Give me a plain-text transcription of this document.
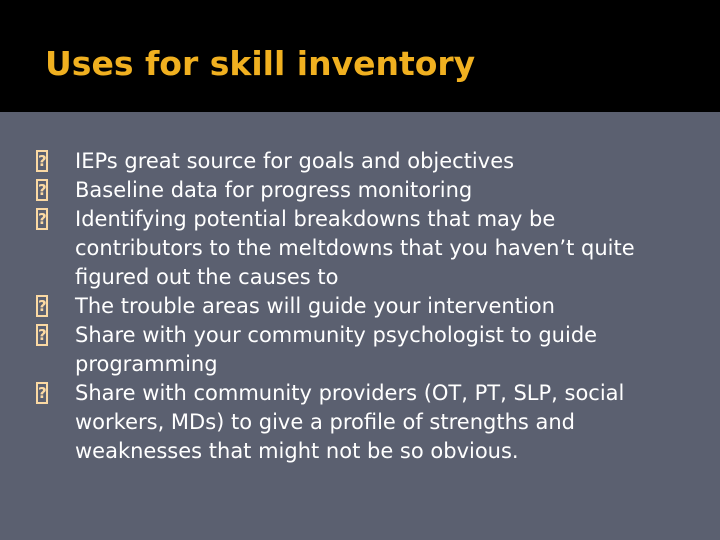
Uses for skill inventory
? IEPs great source for goals and objectives
? Baseline data for progress monitoring
? Identifying potential breakdowns that may be contributors to the meltdowns that you haven’t quite figured out the causes to
? The trouble areas will guide your intervention
? Share with your community psychologist to guide programming
? Share with community providers (OT, PT, SLP, social workers, MDs) to give a profile of strengths and weaknesses that might not be so obvious.
